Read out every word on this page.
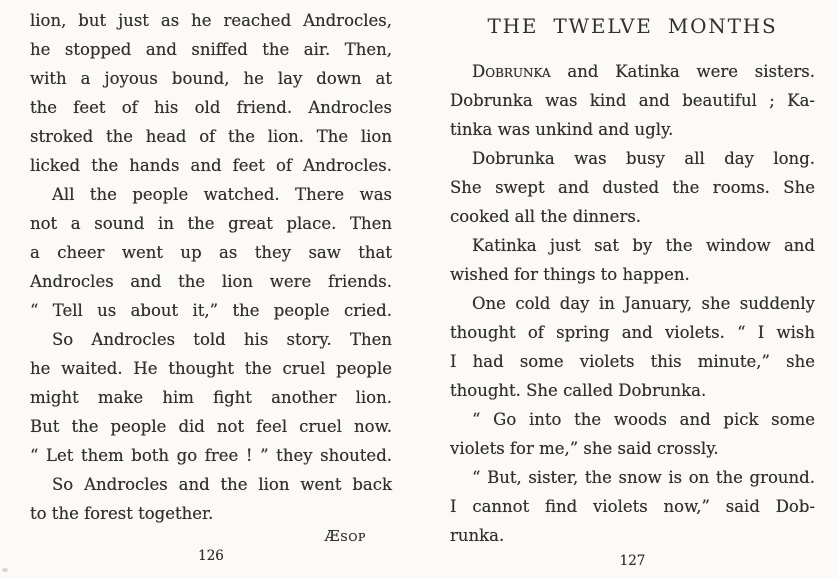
lion, but just as he reached Androcles,
he stopped and sniffed the air. Then,
with a joyous bound, he lay down at
the feet of his old friend. Androcles
stroked the head of the lion. The lion
licked the hands and feet of Androcles.
All the people watched. There was
not a sound in the great place. Then
a cheer went up as they saw that
Androcles and the lion were friends.
“ Tell us about it,” the people cried.
So Androcles told his story. Then
he waited. He thought the cruel people
might make him fight another lion.
But the people did not feel cruel now.
“ Let them both go free ! ” they shouted.
So Androcles and the lion went back
to the forest together.
Æsop
126
THE TWELVE MONTHS
Dobrunka and Katinka were sisters.
Dobrunka was kind and beautiful ; Ka-
tinka was unkind and ugly.
Dobrunka was busy all day long.
She swept and dusted the rooms. She
cooked all the dinners.
Katinka just sat by the window and
wished for things to happen.
One cold day in January, she suddenly
thought of spring and violets. “ I wish
I had some violets this minute,” she
thought. She called Dobrunka.
“ Go into the woods and pick some
violets for me,” she said crossly.
“ But, sister, the snow is on the ground.
I cannot find violets now,” said Dob-
runka.
127
